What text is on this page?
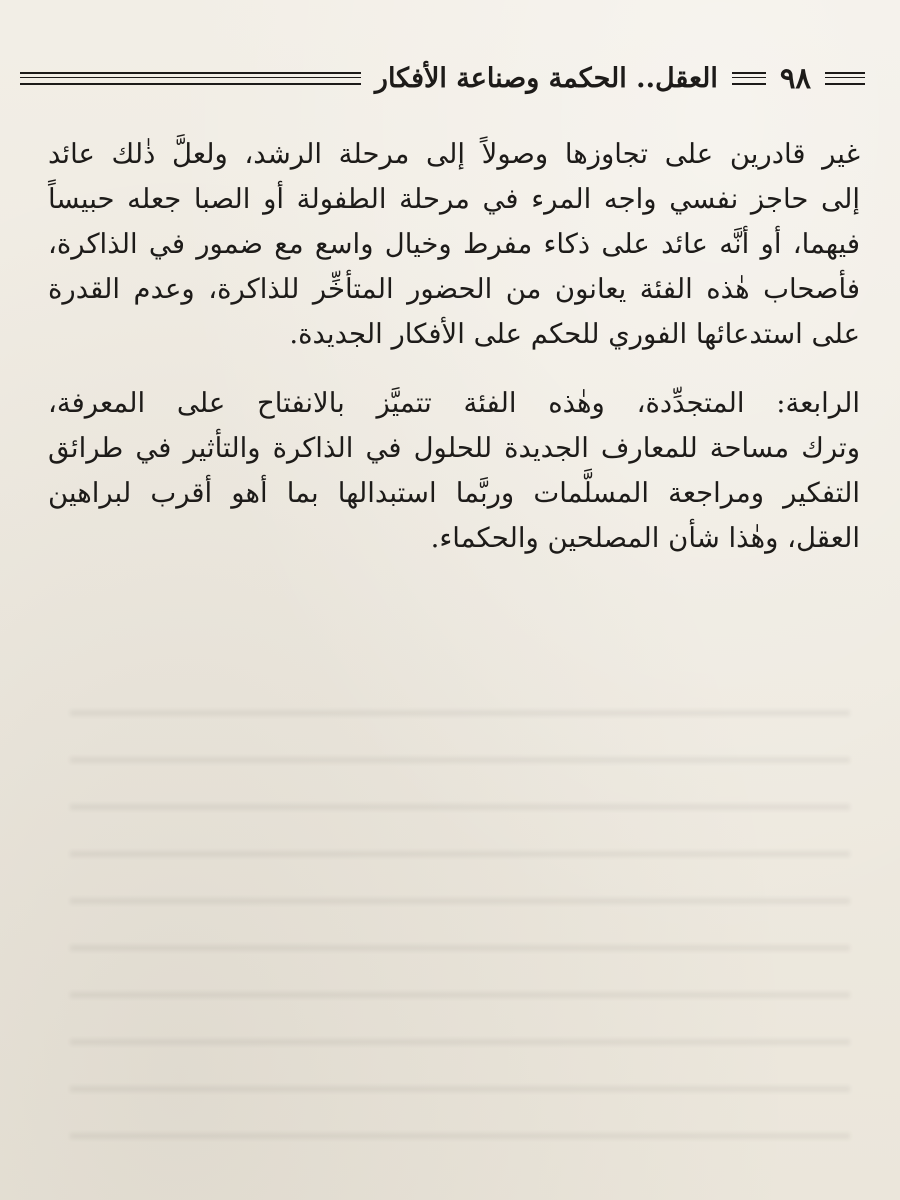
٩٨
العقل.. الحكمة وصناعة الأفكار

غير قادرين على تجاوزها وصولاً إلى مرحلة الرشد، ولعلَّ ذٰلك عائد
إلى حاجز نفسي واجه المرء في مرحلة الطفولة أو الصبا جعله حبيساً
فيهما، أو أنَّه عائد على ذكاء مفرط وخيال واسع مع ضمور في الذاكرة،
فأصحاب هٰذه الفئة يعانون من الحضور المتأخِّر للذاكرة، وعدم القدرة
على استدعائها الفوري للحكم على الأفكار الجديدة.

الرابعة: المتجدِّدة، وهٰذه الفئة تتميَّز بالانفتاح على المعرفة،
وترك مساحة للمعارف الجديدة للحلول في الذاكرة والتأثير في طرائق
التفكير ومراجعة المسلَّمات وربَّما استبدالها بما أهو أقرب لبراهين
العقل، وهٰذا شأن المصلحين والحكماء.
